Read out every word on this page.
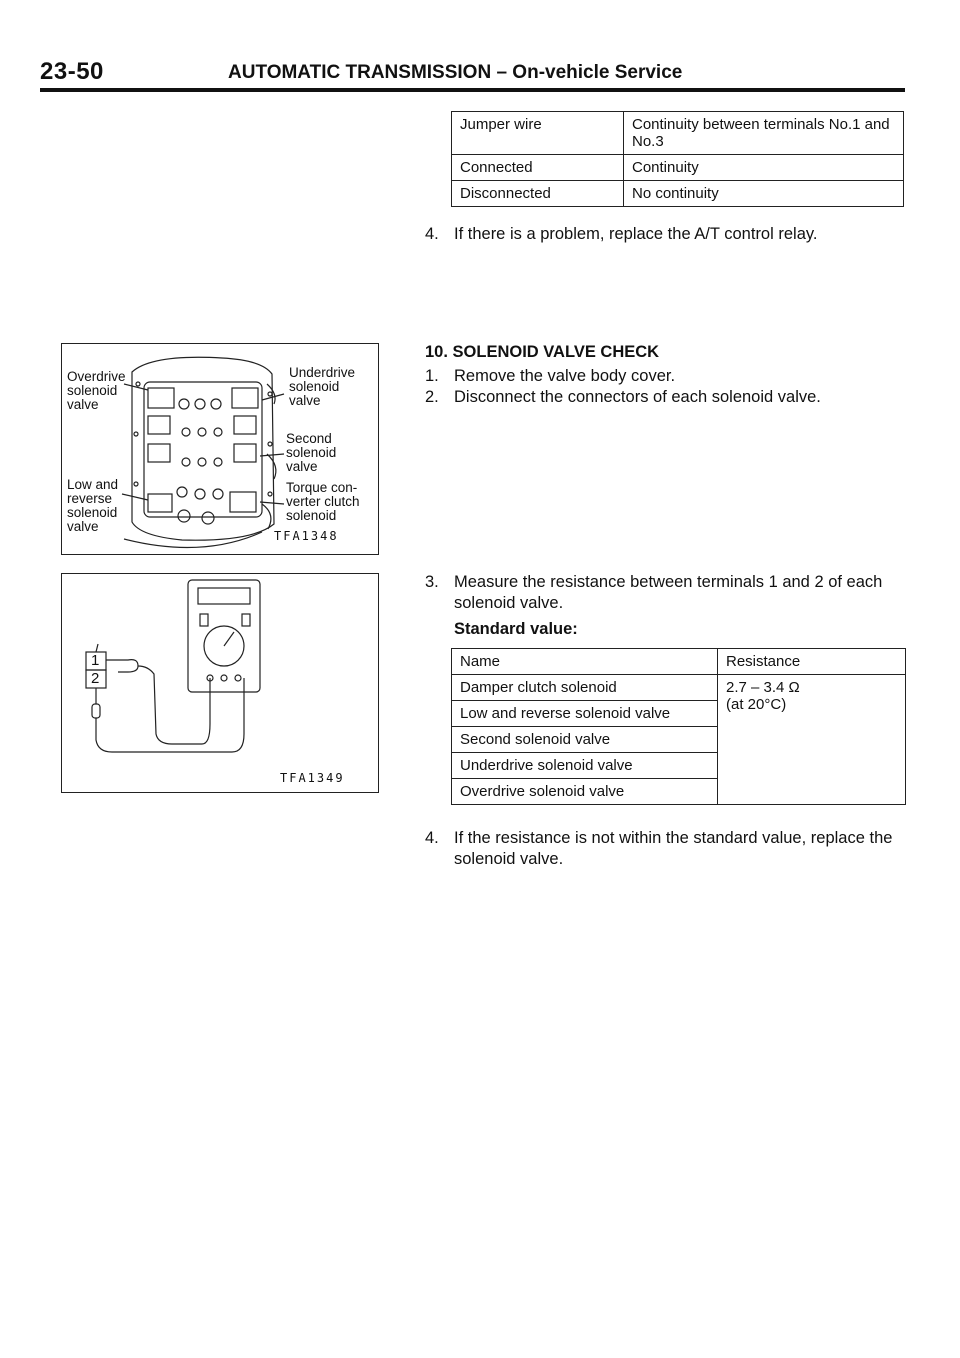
23-50	AUTOMATIC TRANSMISSION – On-vehicle Service
Jumper wire	Continuity between terminals No.1 and No.3
Connected	Continuity
Disconnected	No continuity
4. If there is a problem, replace the A/T control relay.
10. SOLENOID VALVE CHECK
1. Remove the valve body cover.
2. Disconnect the connectors of each solenoid valve.
3. Measure the resistance between terminals 1 and 2 of each solenoid valve.
Standard value:
Name	Resistance
Damper clutch solenoid	2.7 – 3.4 Ω
(at 20°C)

Low and reverse solenoid valve	
Second solenoid valve	
Underdrive solenoid valve	
Overdrive solenoid valve	
4. If the resistance is not within the standard value, replace the solenoid valve.
Overdrive
solenoid
valve
Underdrive
solenoid
valve
Second
solenoid
valve
Low and
reverse
solenoid
valve
Torque con-
verter clutch
solenoid
TFA1348
1
2
TFA1349
